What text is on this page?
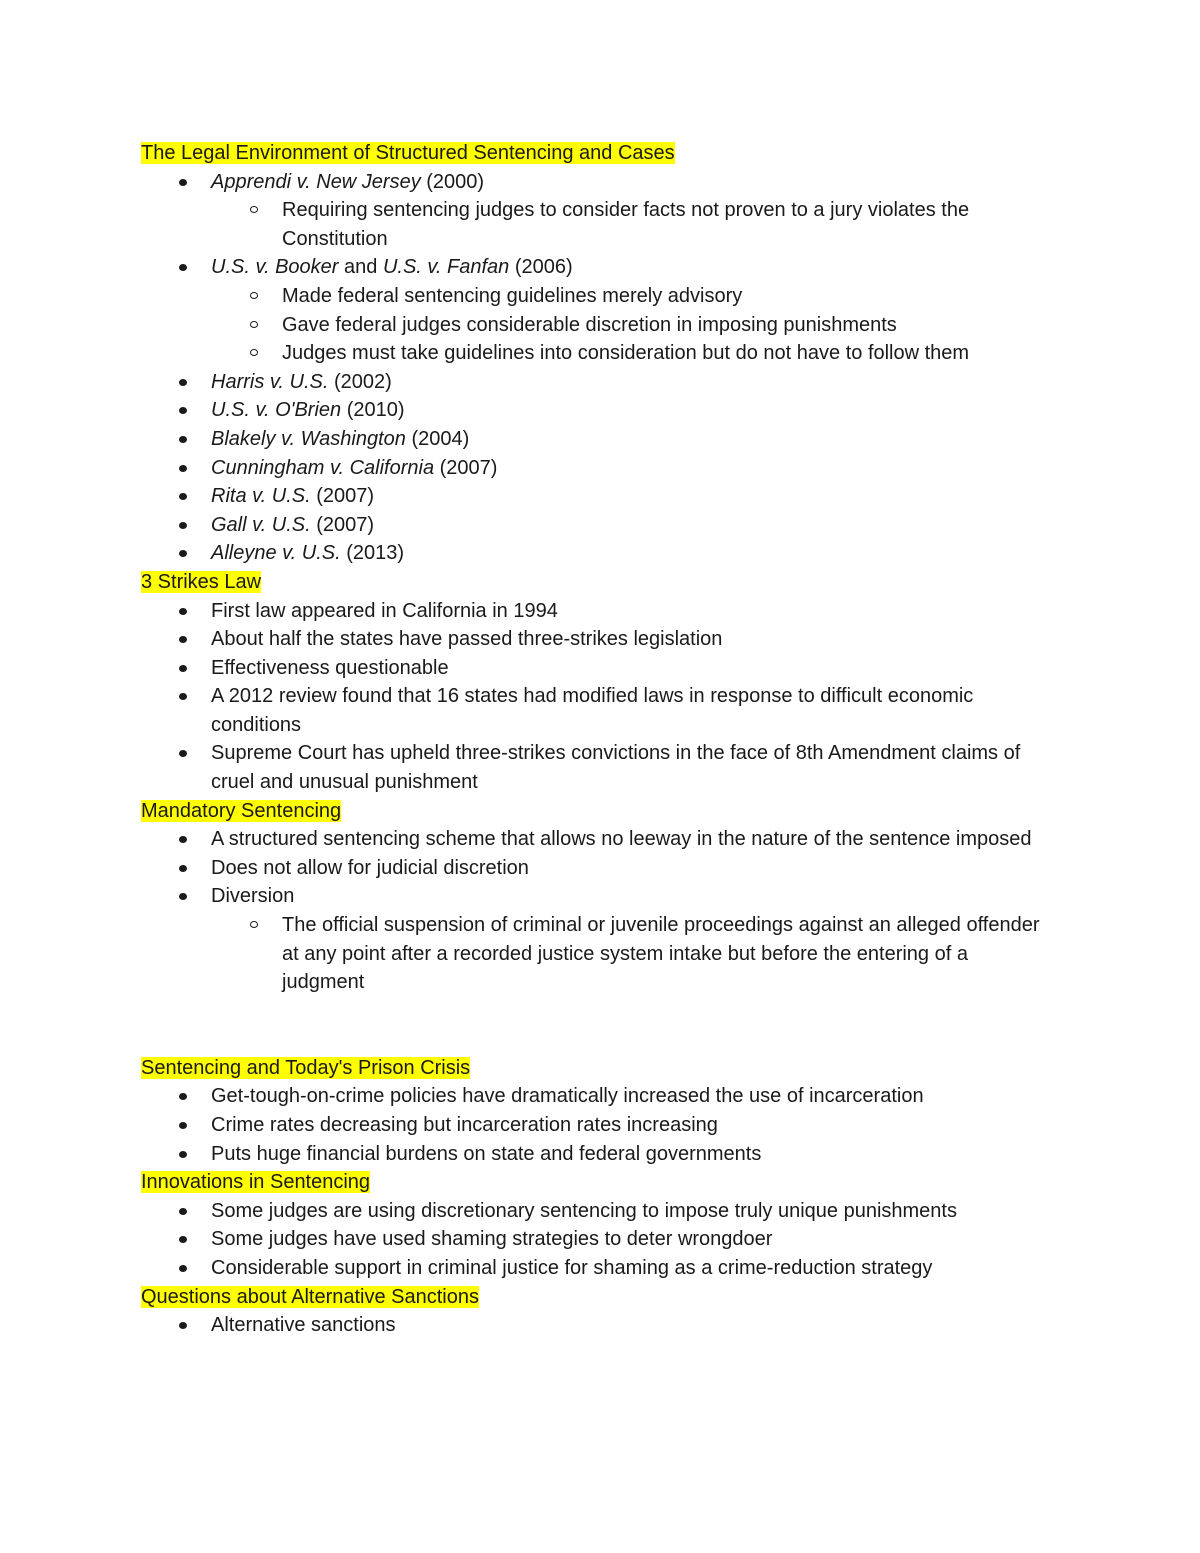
The Legal Environment of Structured Sentencing and Cases

Apprendi v. New Jersey (2000)
Requiring sentencing judges to consider facts not proven to a jury violates the Constitution
U.S. v. Booker and U.S. v. Fanfan (2006)
Made federal sentencing guidelines merely advisory
Gave federal judges considerable discretion in imposing punishments
Judges must take guidelines into consideration but do not have to follow them
Harris v. U.S. (2002)
U.S. v. O'Brien (2010)
Blakely v. Washington (2004)
Cunningham v. California (2007)
Rita v. U.S. (2007)
Gall v. U.S. (2007)
Alleyne v. U.S. (2013)

3 Strikes Law

First law appeared in California in 1994
About half the states have passed three-strikes legislation
Effectiveness questionable
A 2012 review found that 16 states had modified laws in response to difficult economic conditions
Supreme Court has upheld three-strikes convictions in the face of 8th Amendment claims of cruel and unusual punishment

Mandatory Sentencing

A structured sentencing scheme that allows no leeway in the nature of the sentence imposed
Does not allow for judicial discretion
Diversion
The official suspension of criminal or juvenile proceedings against an alleged offender at any point after a recorded justice system intake but before the entering of a judgment

Sentencing and Today's Prison Crisis

Get-tough-on-crime policies have dramatically increased the use of incarceration
Crime rates decreasing but incarceration rates increasing
Puts huge financial burdens on state and federal governments

Innovations in Sentencing

Some judges are using discretionary sentencing to impose truly unique punishments
Some judges have used shaming strategies to deter wrongdoer
Considerable support in criminal justice for shaming as a crime-reduction strategy

Questions about Alternative Sanctions

Alternative sanctions
